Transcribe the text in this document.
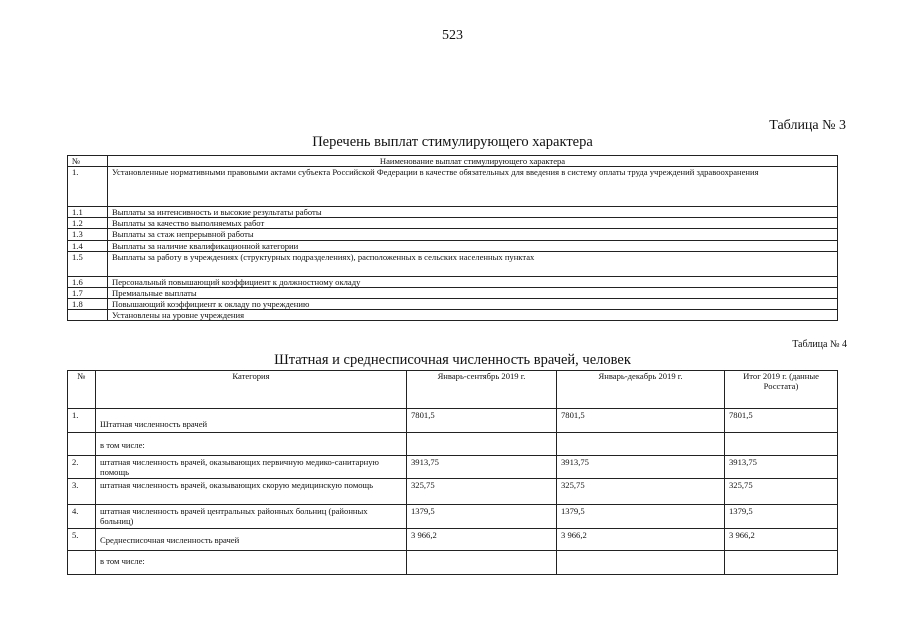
523
Таблица № 3
Перечень выплат стимулирующего характера
№	Наименование выплат стимулирующего характера
1.	Установленные нормативными правовыми актами субъекта Российской Федерации в качестве обязательных для введения в систему оплаты труда учреждений здравоохранения
1.1	Выплаты за интенсивность и высокие результаты работы
1.2	Выплаты за качество выполняемых работ
1.3	Выплаты за стаж непрерывной работы
1.4	Выплаты за наличие квалификационной категории
1.5	Выплаты за работу в учреждениях (структурных подразделениях), расположенных в сельских населенных пунктах
1.6	Персональный повышающий коэффициент к должностному окладу
1.7	Премиальные выплаты
1.8	Повышающий коэффициент к окладу по учреждению
	Установлены на уровне учреждения
Таблица № 4
Штатная и среднесписочная численность врачей, человек
№	Категория	Январь-сентябрь 2019 г.	Январь-декабрь 2019 г.	Итог 2019 г. (данные Росстата)
1.	Штатная численность врачей	7801,5	7801,5	7801,5

	в том числе:			

2.	штатная численность врачей, оказывающих первичную медико-санитарную помощь	3913,75	3913,75	3913,75
3.	штатная численность врачей, оказывающих скорую медицинскую помощь	325,75	325,75	325,75
4.	штатная численность врачей центральных районных больниц (районных больниц)	1379,5	1379,5	1379,5
5.	Среднесписочная численность врачей	3 966,2	3 966,2	3 966,2

	в том числе:			
